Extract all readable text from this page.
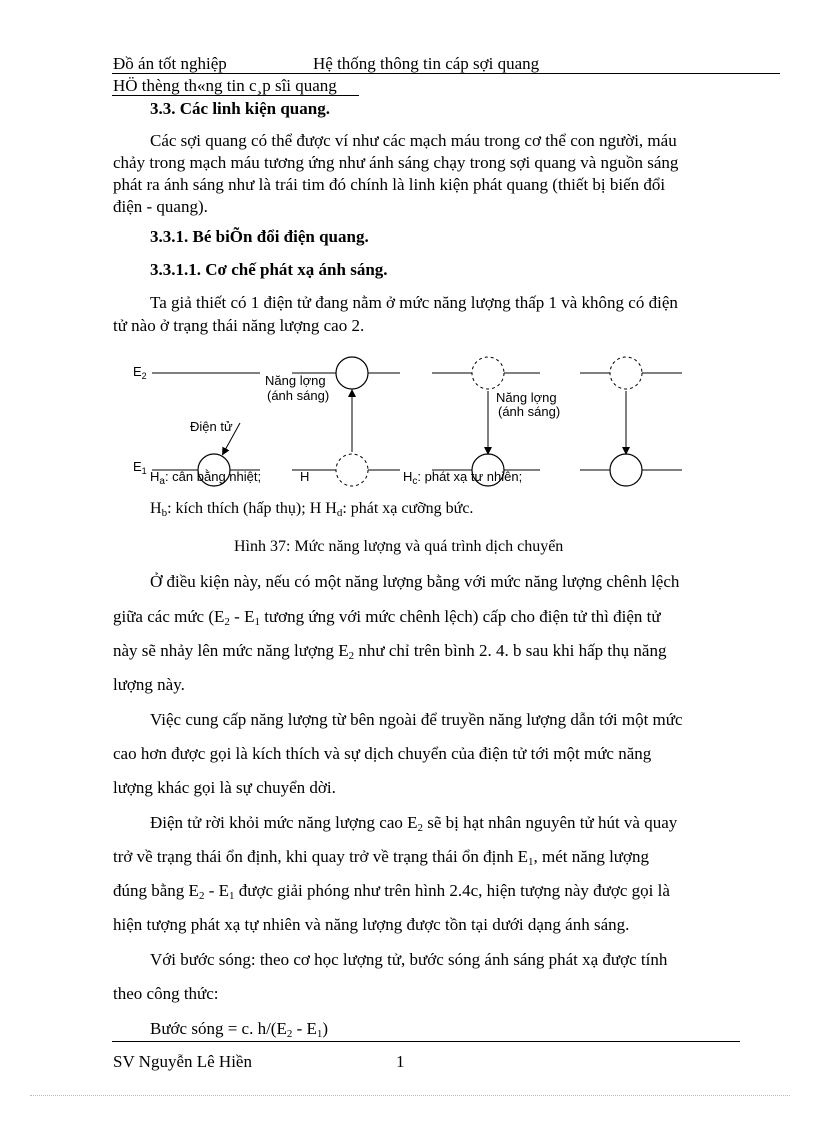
Đồ án tốt nghiệp	Hệ thống thông tin cáp sợi quang
HÖ thèng th«ng tin c¸p sîi quang
3.3. Các linh kiện quang.
Các sợi quang có thể được ví như các mạch máu trong cơ thể con người, máu
chảy trong mạch máu tương ứng như ánh sáng chạy trong sợi quang và nguồn sáng
phát ra ánh sáng như là trái tim đó chính là linh kiện phát quang (thiết bị biến đổi
điện - quang).
3.3.1. Bé biÕn đổi điện quang.
3.3.1.1. Cơ chế phát xạ ánh sáng.
Ta giả thiết có 1 điện tử đang nằm ở mức năng lượng thấp 1 và không có điện
tử nào ở trạng thái năng lượng cao 2.
$E_2$
$E_1$
Điện tử
Năng lợng
(ánh sáng)	Năng lợng
(ánh sáng)
$H_a$: cân bằng nhiệt;	H	$H_c$: phát xạ tự nhiên;
$H_b$: kích thích (hấp thụ); H $H_d$: phát xạ cưỡng bức.
Hình 37: Mức năng lượng và quá trình dịch chuyển
Ở điều kiện này, nếu có một năng lượng bằng với mức năng lượng chênh lệch
giữa các mức ($E_2 - E_1$ tương ứng với mức chênh lệch) cấp cho điện tử thì điện tử
này sẽ nhảy lên mức năng lượng $E_2$ như chỉ trên bình 2. 4. b sau khi hấp thụ năng
lượng này.
Việc cung cấp năng lượng từ bên ngoài để truyền năng lượng dẫn tới một mức
cao hơn được gọi là kích thích và sự dịch chuyển của điện tử tới một mức năng
lượng khác gọi là sự chuyển dời.
Điện tử rời khỏi mức năng lượng cao $E_2$ sẽ bị hạt nhân nguyên tử hút và quay
trở về trạng thái ổn định, khi quay trở về trạng thái ổn định $E_1$, mét năng lượng
đúng bằng $E_2 - E_1$ được giải phóng như trên hình 2.4c, hiện tượng này được gọi là
hiện tượng phát xạ tự nhiên và năng lượng được tồn tại dưới dạng ánh sáng.
Với bước sóng: theo cơ học lượng tử, bước sóng ánh sáng phát xạ được tính
theo công thức:
Bước sóng = c. $h/(E_2 - E_1)$
SV Nguyễn Lê Hiền	1
